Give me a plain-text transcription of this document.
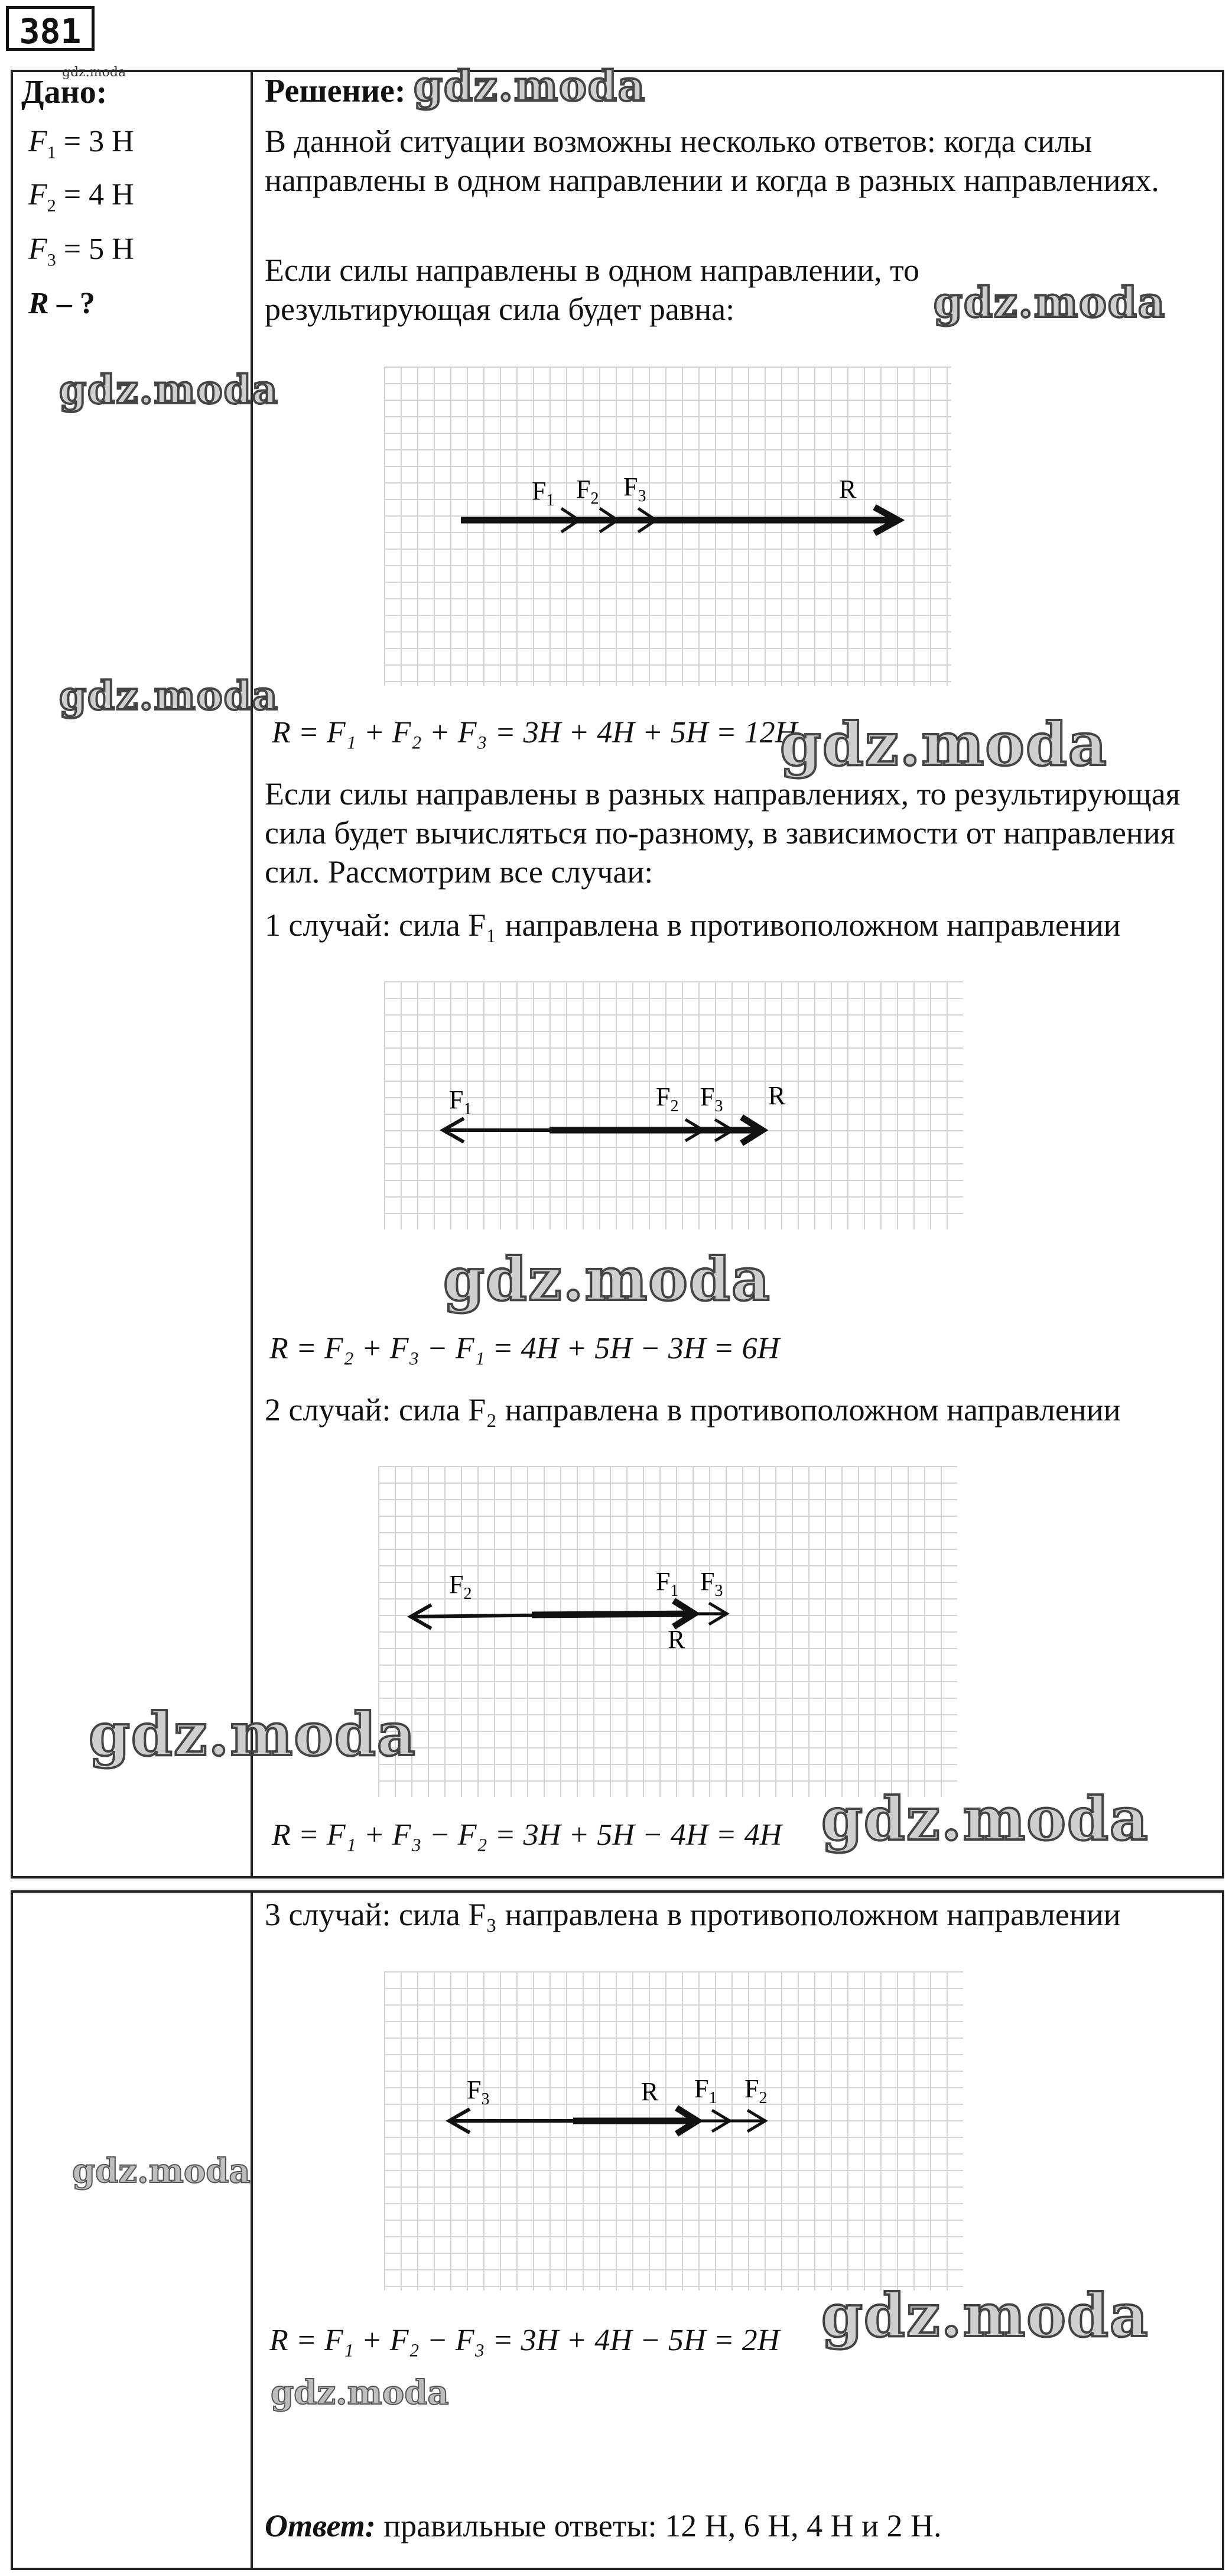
381
gdz.moda
Дано:
$F_1 = 3$ Н
$F_2 = 4$ Н
$F_3 = 5$ Н
R – ?
Решение: gdz.moda
В данной ситуации возможны несколько ответов: когда силы направлены в одном направлении и когда в разных направлениях.
Если силы направлены в одном направлении, то результирующая сила будет равна:	gdz.moda
gdz.moda
$F_1$ $F_2$ $F_3$	R
gdz.moda
R = F₁ + F₂ + F₃ = 3H + 4H + 5H = 12H
gdz.moda
Если силы направлены в разных направлениях, то результирующая сила будет вычисляться по-разному, в зависимости от направления сил. Рассмотрим все случаи:
1 случай: сила F₁ направлена в противоположном направлении
$F_1$	$F_2$ $F_3$ R
gdz.moda
R = F₂ + F₃ − F₁ = 4H + 5H − 3H = 6H
2 случай: сила F₂ направлена в противоположном направлении
$F_2$	$F_1$ $F_3$
R
gdz.moda
R = F₁ + F₃ − F₂ = 3H + 5H − 4H = 4H gdz.moda
gdz.moda
3 случай: сила F₃ направлена в противоположном направлении
$F_3$	R $F_1$ $F_2$
R = F₁ + F₂ − F₃ = 3H + 4H − 5H = 2H gdz.moda
gdz.moda
Ответ: правильные ответы: 12 Н, 6 Н, 4 Н и 2 Н.
